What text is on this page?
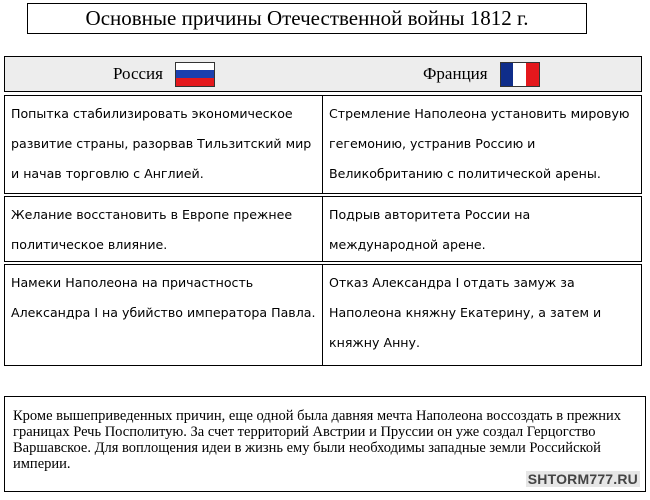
Основные причины Отечественной войны 1812 г.
Россия	Франция
Попытка стабилизировать экономическое развитие страны, разорвав Тильзитский мир и начав торговлю с Англией.
Стремление Наполеона установить мировую гегемонию, устранив Россию и Великобританию с политической арены.
Желание восстановить в Европе прежнее политическое влияние.
Подрыв авторитета России на международной арене.
Намеки Наполеона на причастность Александра I на убийство императора Павла.
Отказ Александра I отдать замуж за Наполеона княжну Екатерину, а затем и княжну Анну.
Кроме вышеприведенных причин, еще одной была давняя мечта Наполеона воссоздать в прежних границах Речь Посполитую. За счет территорий Австрии и Пруссии он уже создал Герцогство Варшавское. Для воплощения идеи в жизнь ему были необходимы западные земли Российской империи.
SHTORM777.RU
